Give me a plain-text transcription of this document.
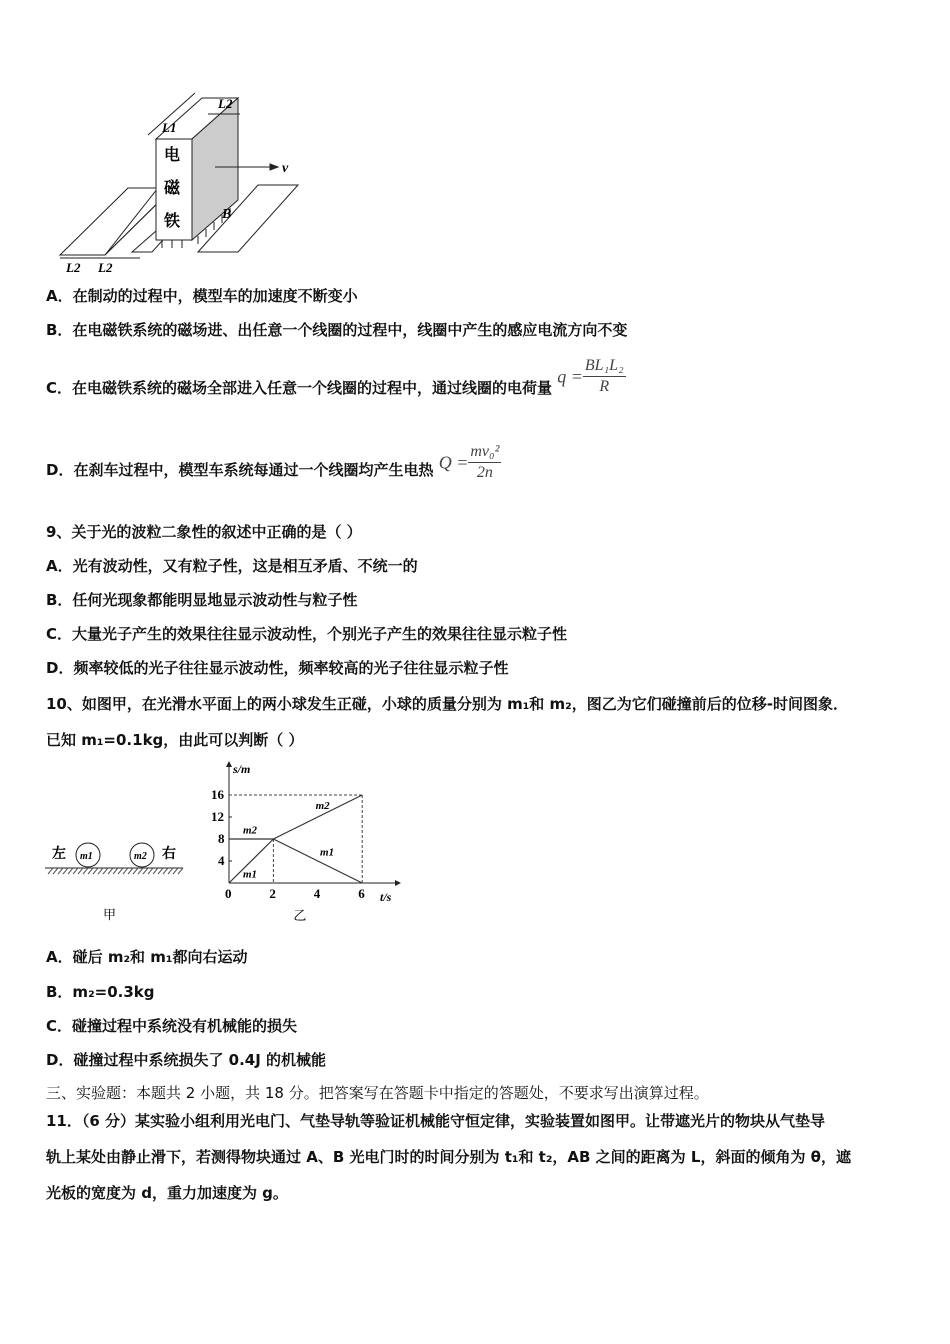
电
磁
铁
v
B
L1
L2
L2 L2
A．在制动的过程中，模型车的加速度不断变小
B．在电磁铁系统的磁场进、出任意一个线圈的过程中，线圈中产生的感应电流方向不变
C．在电磁铁系统的磁场全部进入任意一个线圈的过程中，通过线圈的电荷量 $q = \frac{\text{BL₁L₂}}{R}$
D．在刹车过程中，模型车系统每通过一个线圈均产生电热 $Q = \frac{\text{mv₀²}}{2n}$
9、关于光的波粒二象性的叙述中正确的是（ ）
A．光有波动性，又有粒子性，这是相互矛盾、不统一的
B．任何光现象都能明显地显示波动性与粒子性
C．大量光子产生的效果往往显示波动性，个别光子产生的效果往往显示粒子性
D．频率较低的光子往往显示波动性，频率较高的光子往往显示粒子性
10、如图甲，在光滑水平面上的两小球发生正碰，小球的质量分别为 m₁和 m₂，图乙为它们碰撞前后的位移-时间图象．
已知 m₁=0.1kg，由此可以判断（ ）
左	右
m1	m2
甲
s/m
t/s
0	2	4	6
4
8
12
16
m1
m2
m2
m1
乙
A．碰后 m₂和 m₁都向右运动
B．m₂=0.3kg
C．碰撞过程中系统没有机械能的损失
D．碰撞过程中系统损失了 0.4J 的机械能
三、实验题：本题共 2 小题，共 18 分。把答案写在答题卡中指定的答题处，不要求写出演算过程。
11．（6 分）某实验小组利用光电门、气垫导轨等验证机械能守恒定律，实验装置如图甲。让带遮光片的物块从气垫导
轨上某处由静止滑下，若测得物块通过 A、B 光电门时的时间分别为 t₁和 t₂，AB 之间的距离为 L，斜面的倾角为 θ，遮
光板的宽度为 d，重力加速度为 g。
